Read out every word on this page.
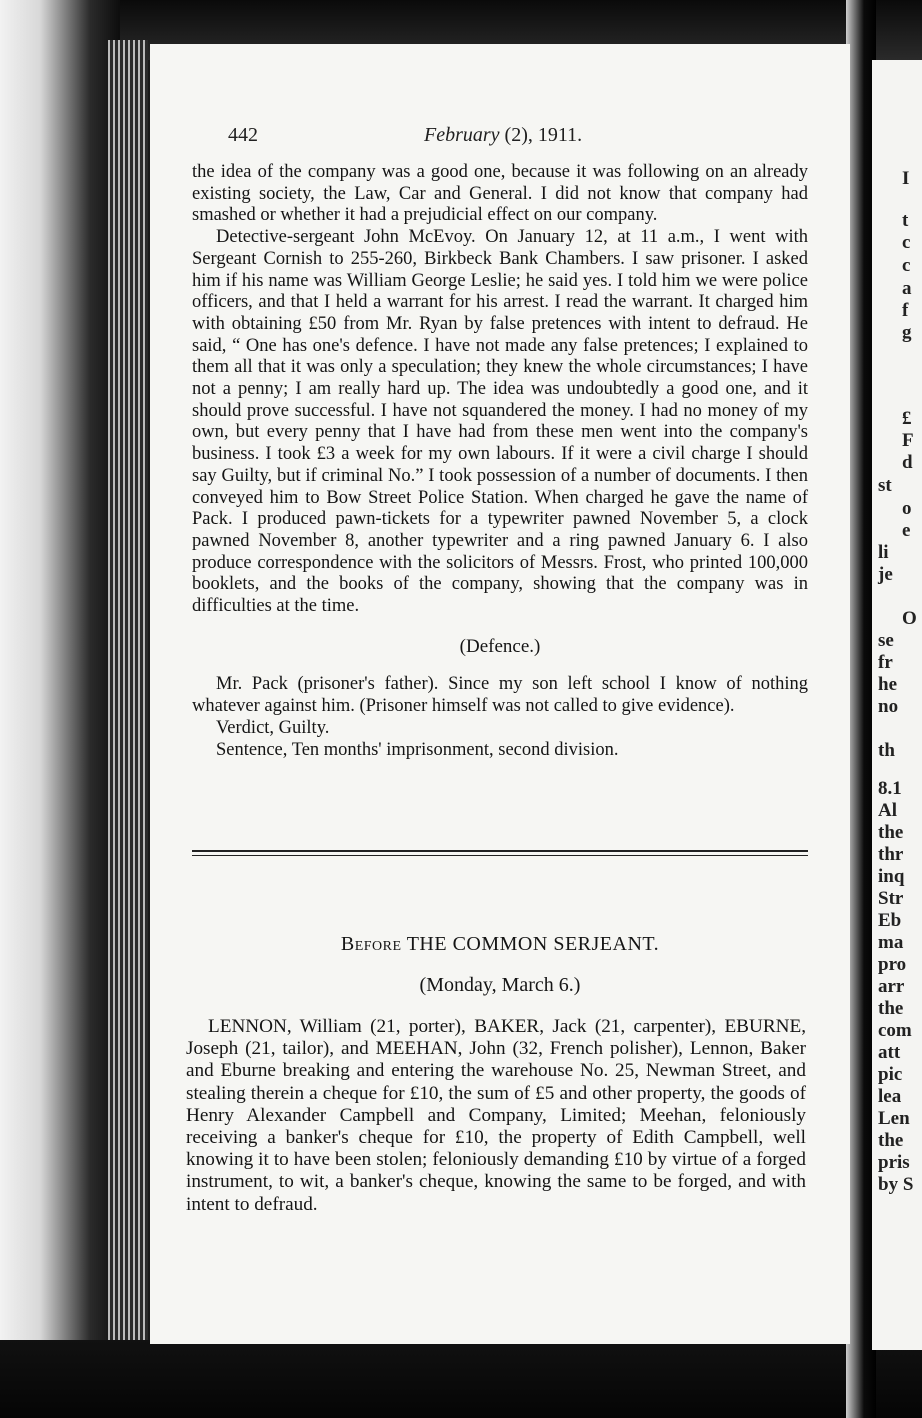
I
t
c
c
a
f
g
£
F
d
st
o
e
li
je
O
se
fr
he
no
th
8.1
Al
the
thr
inq
Str
Eb
ma
pro
arr
the
com
att
pic
lea
Len
the
pris
by S
442	February (2), 1911.

the idea of the company was a good one, because it was following on an already existing society, the Law, Car and General. I did not know that company had smashed or whether it had a prejudicial effect on our company.

Detective-sergeant John McEvoy. On January 12, at 11 a.m., I went with Sergeant Cornish to 255-260, Birkbeck Bank Chambers. I saw prisoner. I asked him if his name was William George Leslie; he said yes. I told him we were police officers, and that I held a warrant for his arrest. I read the warrant. It charged him with obtaining £50 from Mr. Ryan by false pretences with intent to defraud. He said, “ One has one's defence. I have not made any false pretences; I explained to them all that it was only a speculation; they knew the whole circumstances; I have not a penny; I am really hard up. The idea was undoubtedly a good one, and it should prove successful. I have not squandered the money. I had no money of my own, but every penny that I have had from these men went into the company's business. I took £3 a week for my own labours. If it were a civil charge I should say Guilty, but if criminal No.” I took possession of a number of documents. I then conveyed him to Bow Street Police Station. When charged he gave the name of Pack. I produced pawn-tickets for a typewriter pawned November 5, a clock pawned November 8, another typewriter and a ring pawned January 6. I also produce correspondence with the solicitors of Messrs. Frost, who printed 100,000 booklets, and the books of the company, showing that the company was in difficulties at the time.

(Defence.)

Mr. Pack (prisoner's father). Since my son left school I know of nothing whatever against him. (Prisoner himself was not called to give evidence).

Verdict, Guilty.

Sentence, Ten months' imprisonment, second division.

Before THE COMMON SERJEANT.
(Monday, March 6.)

LENNON, William (21, porter), BAKER, Jack (21, carpenter), EBURNE, Joseph (21, tailor), and MEEHAN, John (32, French polisher), Lennon, Baker and Eburne breaking and entering the warehouse No. 25, Newman Street, and stealing therein a cheque for £10, the sum of £5 and other property, the goods of Henry Alexander Campbell and Company, Limited; Meehan, feloniously receiving a banker's cheque for £10, the property of Edith Campbell, well knowing it to have been stolen; feloniously demanding £10 by virtue of a forged instrument, to wit, a banker's cheque, knowing the same to be forged, and with intent to defraud.
